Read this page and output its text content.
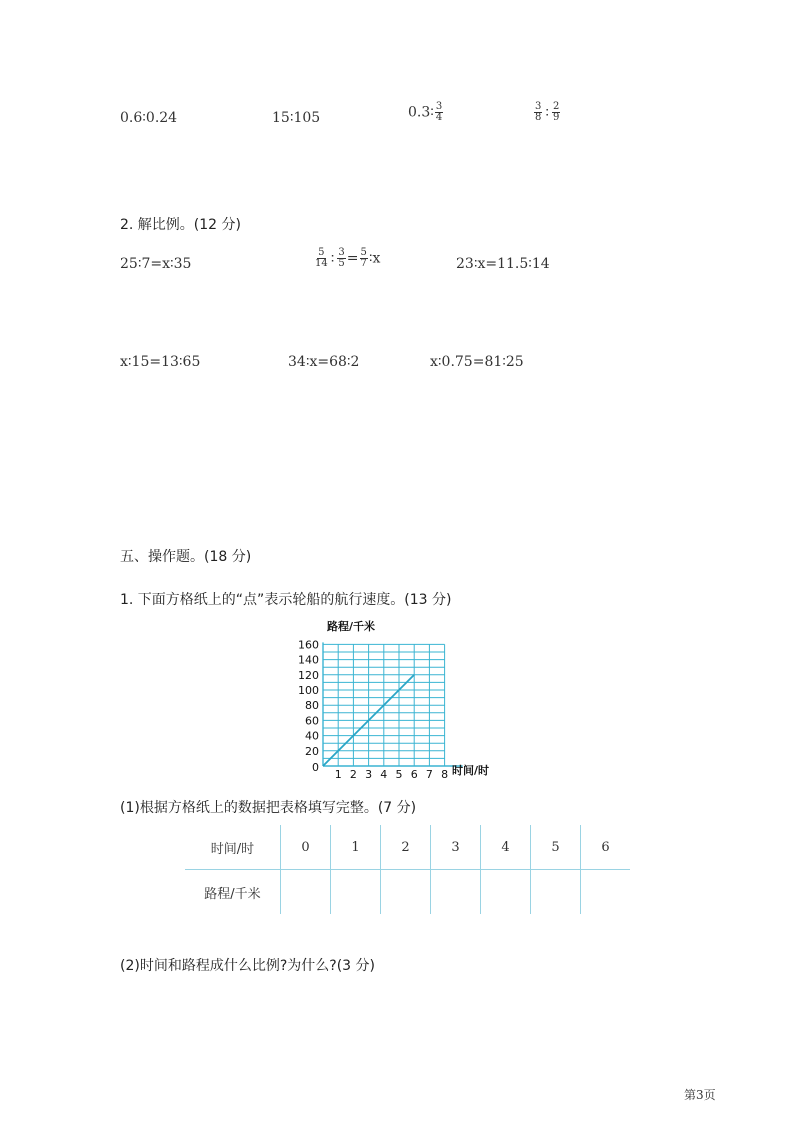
0.6∶0.24	15∶105	0.3∶ $\frac{3}{4}$	$\frac{3}{8}$ ∶ $\frac{2}{9}$
2. 解比例。(12 分)
25∶7=x∶35	$\frac{5}{14}$ ∶ $\frac{3}{5} = \frac{5}{7}$ ∶x	23∶x=11.5∶14
x∶15=13∶65	34∶x=68∶2	x∶0.75=81∶25
五、操作题。(18 分)
1. 下面方格纸上的“点”表示轮船的航行速度。(13 分)
1 2 3 4 5 6 7 8
20
40
60
80
100
120
140
160
路程/千米
时间/时
0
(1)根据方格纸上的数据把表格填写完整。(7 分)
时间/时	0	1	2	3	4	5	6
路程/千米							
(2)时间和路程成什么比例?为什么?(3 分)
第3页
